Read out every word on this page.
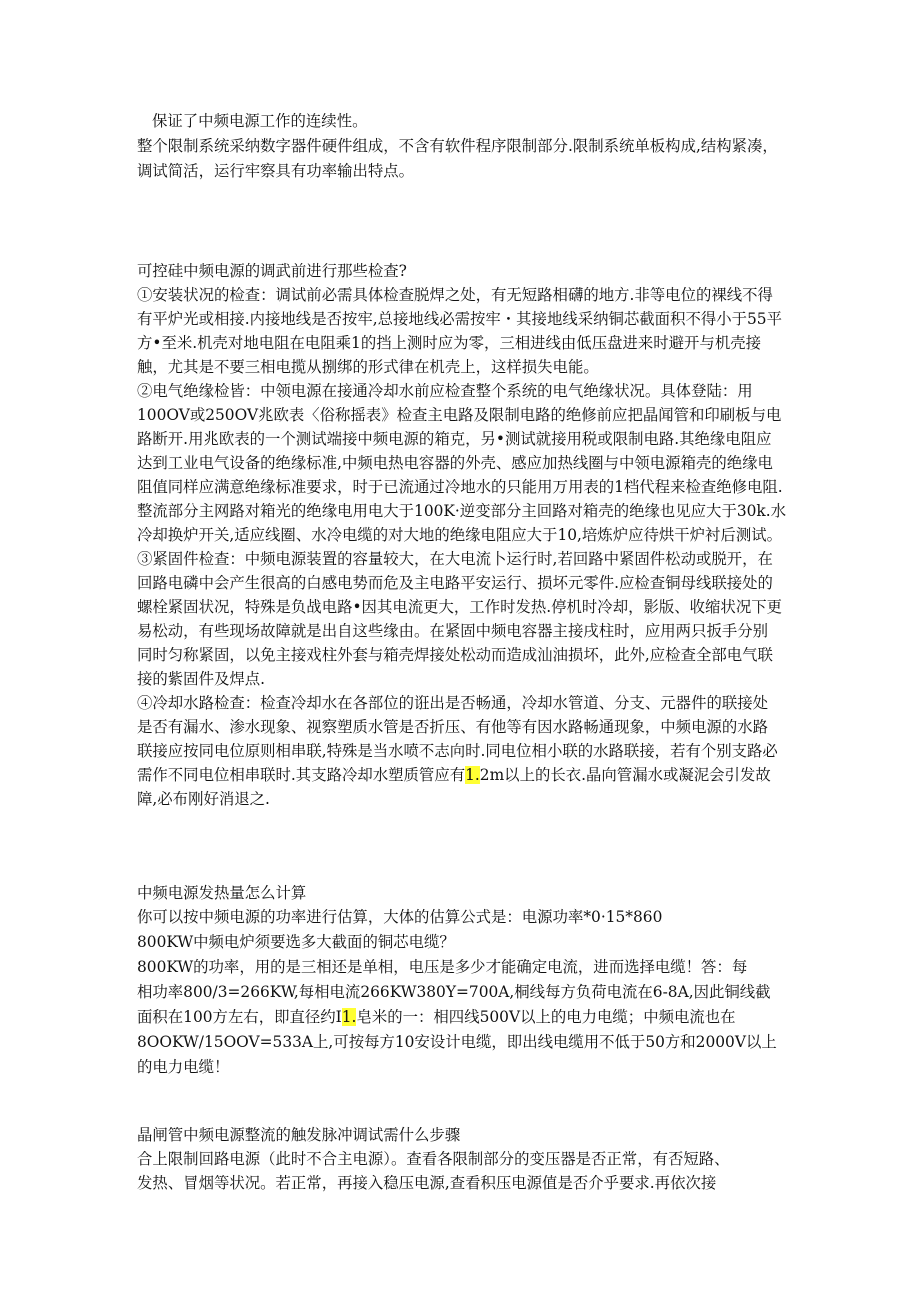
保证了中频电源工作的连续性。

整个限制系统采纳数字器件硬件组成，不含有软件程序限制部分.限制系统单板构成,结构紧凑，

调试简活，运行牢察具有功率输出特点。

可控硅中频电源的调武前进行那些检查?

①安装状况的检查：调试前必需具体检查脱焊之处，有无短路相礴的地方.非等电位的裸线不得

有平炉光或相接.内接地线是否按牢,总接地线必需按牢・其接地线采纳铜芯截面积不得小于55平

方•至米.机壳对地电阻在电阻乘1的挡上测时应为零，三相进线由低压盘进来时避开与机壳接

触，尤其是不要三相电揽从捌绑的形式律在机壳上，这样损失电能。

②电气绝缘检皆：中领电源在接通冷却水前应检查整个系统的电气绝缘状况。具体登陆：用

100OV或250OV兆欧表〈俗称摇表》检查主电路及限制电路的绝修前应把晶闻管和印刷板与电

路断开.用兆欧表的一个测试端接中频电源的箱克，另•测试就接用税或限制电路.其绝缘电阻应

达到工业电气设备的绝缘标准,中频电热电容器的外壳、感应加热线圈与中领电源箱壳的绝缘电

阻值同样应满意绝缘标准要求，时于已流通过冷地水的只能用万用表的1档代程来检查绝修电阻.

整流部分主网路对箱光的绝缘电用电大于100K·逆变部分主回路对箱壳的绝缘也见应大于30k.水

冷却换炉开关,适应线圈、水冷电缆的对大地的绝缘电阻应大于10,培炼炉应待烘干炉衬后测试。

③紧固件检查：中频电源装置的容量较大，在大电流卜运行时,若回路中紧固件松动或脱开，在

回路电磷中会产生很高的白感电势而危及主电路平安运行、损坏元零件.应检查铜母线联接处的

螺栓紧固状况，特殊是负战电路•因其电流更大，工作时发热.停机时冷却，影版、收缩状况下更

易松动，有些现场故障就是出自这些缘由。在紧固中频电容器主接戌柱时，应用两只扳手分别

同时匀称紧固，以免主接戏柱外套与箱壳焊接处松动而造成汕油损坏，此外,应检查全部电气联

接的紫固件及焊点.

④冷却水路检查：检查冷却水在各部位的诳出是否畅通，冷却水管道、分支、元器件的联接处

是否有漏水、渗水现象、视察塑质水管是否折压、有他等有因水路畅通现象，中频电源的水路

联接应按同电位原则相串联,特殊是当水喷不志向时.同电位相小联的水路联接，若有个别支路必

需作不同电位相串联时.其支路冷却水塑质管应有1.2m以上的长衣.晶向管漏水或凝泥会引发故

障,必布刚好消退之.

中频电源发热量怎么计算

你可以按中频电源的功率进行估算，大体的估算公式是：电源功率*0·15*860

800KW中频电炉须要选多大截面的铜芯电缆？

800KW的功率，用的是三相还是单相，电压是多少才能确定电流，进而选择电缆！答：每

相功率800/3=266KW,每相电流266KW380Y=700A,桐线每方负荷电流在6-8A,因此铜线截

面积在100方左右，即直径约I1.皂米的一：相四线500V以上的电力电缆；中频电流也在

8OOKW/15OOV=533A上,可按每方10安设计电缆，即出线电缆用不低于50方和2000V以上

的电力电缆！

晶闸管中频电源整流的触发脉冲调试需什么步骤

合上限制回路电源（此时不合主电源）。查看各限制部分的变压器是否正常，有否短路、

发热、冒烟等状况。若正常，再接入稳压电源,查看积压电源值是否介乎要求.再依次接
